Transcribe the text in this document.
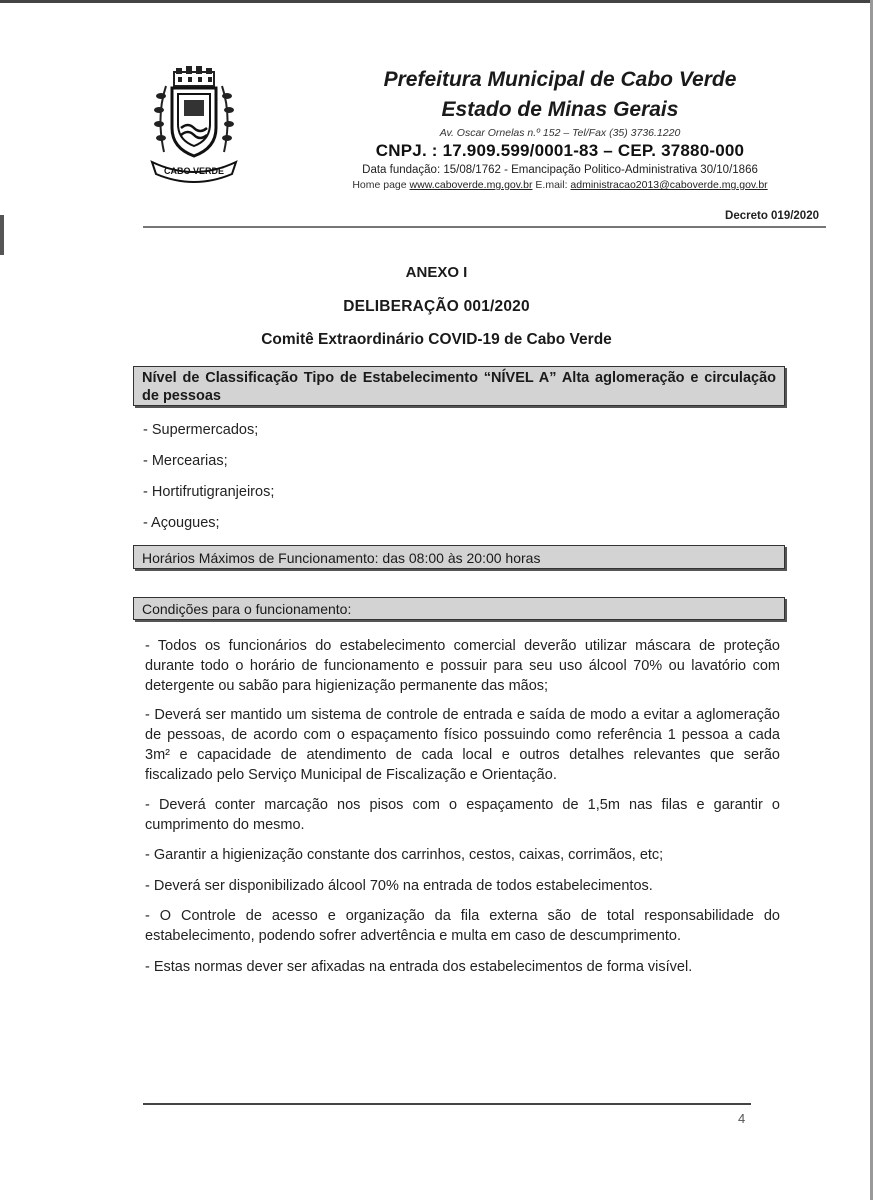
CABO VERDE
Prefeitura Municipal de Cabo Verde
Estado de Minas Gerais
Av. Oscar Ornelas n.º 152 – Tel/Fax (35) 3736.1220
CNPJ. : 17.909.599/0001-83 – CEP. 37880-000
Data fundação: 15/08/1762 - Emancipação Politico-Administrativa 30/10/1866
Home page www.caboverde.mg.gov.br E.mail: administracao2013@caboverde.mg.gov.br
Decreto 019/2020
ANEXO I
DELIBERAÇÃO 001/2020
Comitê Extraordinário COVID-19 de Cabo Verde
Nível de Classificação Tipo de Estabelecimento “NÍVEL A” Alta aglomeração e circulação de pessoas
- Supermercados;
- Mercearias;
- Hortifrutigranjeiros;
- Açougues;
Horários Máximos de Funcionamento: das 08:00 às 20:00 horas
Condições para o funcionamento:

- Todos os funcionários do estabelecimento comercial deverão utilizar máscara de proteção durante todo o horário de funcionamento e possuir para seu uso álcool 70% ou lavatório com detergente ou sabão para higienização permanente das mãos;

- Deverá ser mantido um sistema de controle de entrada e saída de modo a evitar a aglomeração de pessoas, de acordo com o espaçamento físico possuindo como referência 1 pessoa a cada 3m² e capacidade de atendimento de cada local e outros detalhes relevantes que serão fiscalizado pelo Serviço Municipal de Fiscalização e Orientação.

- Deverá conter marcação nos pisos com o espaçamento de 1,5m nas filas e garantir o cumprimento do mesmo.

- Garantir a higienização constante dos carrinhos, cestos, caixas, corrimãos, etc;

- Deverá ser disponibilizado álcool 70% na entrada de todos estabelecimentos.

- O Controle de acesso e organização da fila externa são de total responsabilidade do estabelecimento, podendo sofrer advertência e multa em caso de descumprimento.

- Estas normas dever ser afixadas na entrada dos estabelecimentos de forma visível.

4
